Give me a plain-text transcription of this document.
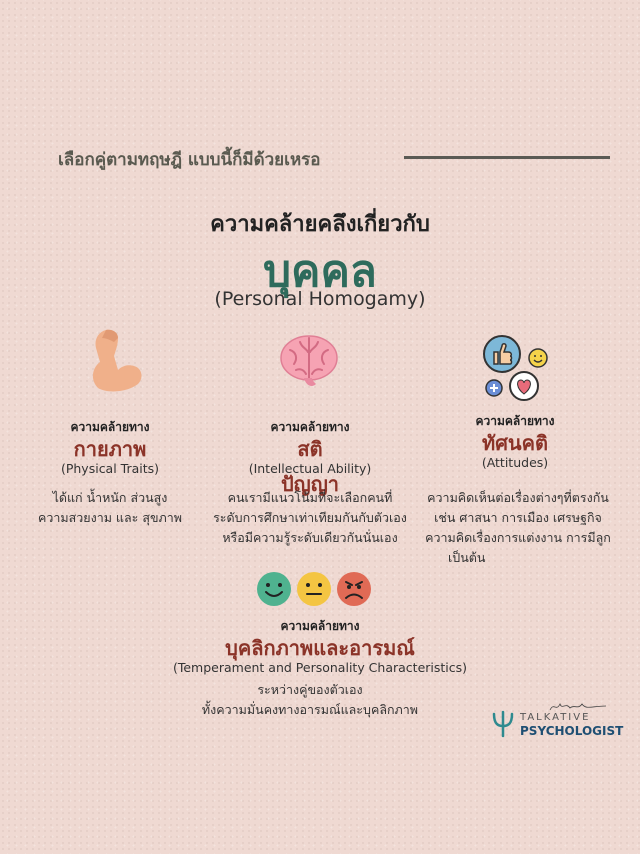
เลือกคู่ตามทฤษฎี แบบนี้ก็มีด้วยเหรอ
ความคล้ายคลึงเกี่ยวกับ
บุคคล
(Personal Homogamy)
ความคล้ายทาง
กายภาพ
(Physical Traits)
ได้แก่ น้ำหนัก ส่วนสูง
ความสวยงาม และ สุขภาพ
ความคล้ายทาง
สติ
(Intellectual Ability)
ปัญญา
คนเรามีแนวโน้มที่จะเลือกคนที่
ระดับการศึกษาเท่าเทียมกันกับตัวเอง
หรือมีความรู้ระดับเดียวกันนั่นเอง
ความคล้ายทาง
ทัศนคติ
(Attitudes)
ความคิดเห็นต่อเรื่องต่างๆที่ตรงกัน
เช่น ศาสนา การเมือง เศรษฐกิจ
ความคิดเรื่องการแต่งงาน การมีลูก
เป็นต้น
ความคล้ายทาง
บุคลิกภาพและอารมณ์
(Temperament and Personality Characteristics)
ระหว่างคู่ของตัวเอง
ทั้งความมั่นคงทางอารมณ์และบุคลิกภาพ
TALKATIVE
PSYCHOLOGIST
